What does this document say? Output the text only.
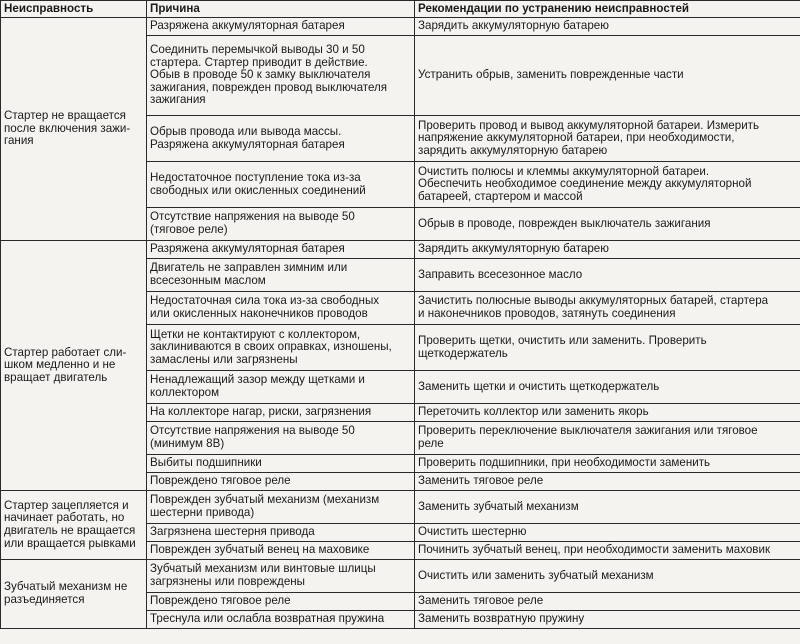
Неисправность	Причина	Рекомендации по устранению неисправностей
Стартер не вращается
после включения зажи-
гания	Разряжена аккумуляторная батарея	Зарядить аккумуляторную батарею
	Соединить перемычкой выводы 30 и 50
стартера. Стартер приводит в действие.
Обыв в проводе 50 к замку выключателя
зажигания, поврежден провод выключателя
зажигания	Устранить обрыв, заменить поврежденные части
	Обрыв провода или вывода массы.
Разряжена аккумуляторная батарея	Проверить провод и вывод аккумуляторной батареи. Измерить
напряжение аккумуляторной батареи, при необходимости,
зарядить аккумуляторную батарею
	Недостаточное поступление тока из-за
свободных или окисленных соединений	Очистить полюсы и клеммы аккумуляторной батареи.
Обеспечить необходимое соединение между аккумуляторной
батареей, стартером и массой
	Отсутствие напряжения на выводе 50
(тяговое реле)	Обрыв в проводе, поврежден выключатель зажигания
Стартер работает сли-
шком медленно и не
вращает двигатель	Разряжена аккумуляторная батарея	Зарядить аккумуляторную батарею
	Двигатель не заправлен зимним или
всесезонным маслом	Заправить всесезонное масло
	Недостаточная сила тока из-за свободных
или окисленных наконечников проводов	Зачистить полюсные выводы аккумуляторных батарей, стартера
и наконечников проводов, затянуть соединения
	Щетки не контактируют с коллектором,
заклиниваются в своих оправках, изношены,
замаслены или загрязнены	Проверить щетки, очистить или заменить. Проверить
щеткодержатель
	Ненадлежащий зазор между щетками и
коллектором	Заменить щетки и очистить щеткодержатель
	На коллекторе нагар, риски, загрязнения	Переточить коллектор или заменить якорь
	Отсутствие напряжения на выводе 50
(минимум 8В)	Проверить переключение выключателя зажигания или тяговое
реле
	Выбиты подшипники	Проверить подшипники, при необходимости заменить
	Повреждено тяговое реле	Заменить тяговое реле
Стартер зацепляется и
начинает работать, но
двигатель не вращается
или вращается рывками	Поврежден зубчатый механизм (механизм
шестерни привода)	Заменить зубчатый механизм
	Загрязнена шестерня привода	Очистить шестерню
	Поврежден зубчатый венец на маховике	Починить зубчатый венец, при необходимости заменить маховик
Зубчатый механизм не
разъединяется	Зубчатый механизм или винтовые шлицы
загрязнены или повреждены	Очистить или заменить зубчатый механизм
	Повреждено тяговое реле	Заменить тяговое реле
	Треснула или ослабла возвратная пружина	Заменить возвратную пружину
